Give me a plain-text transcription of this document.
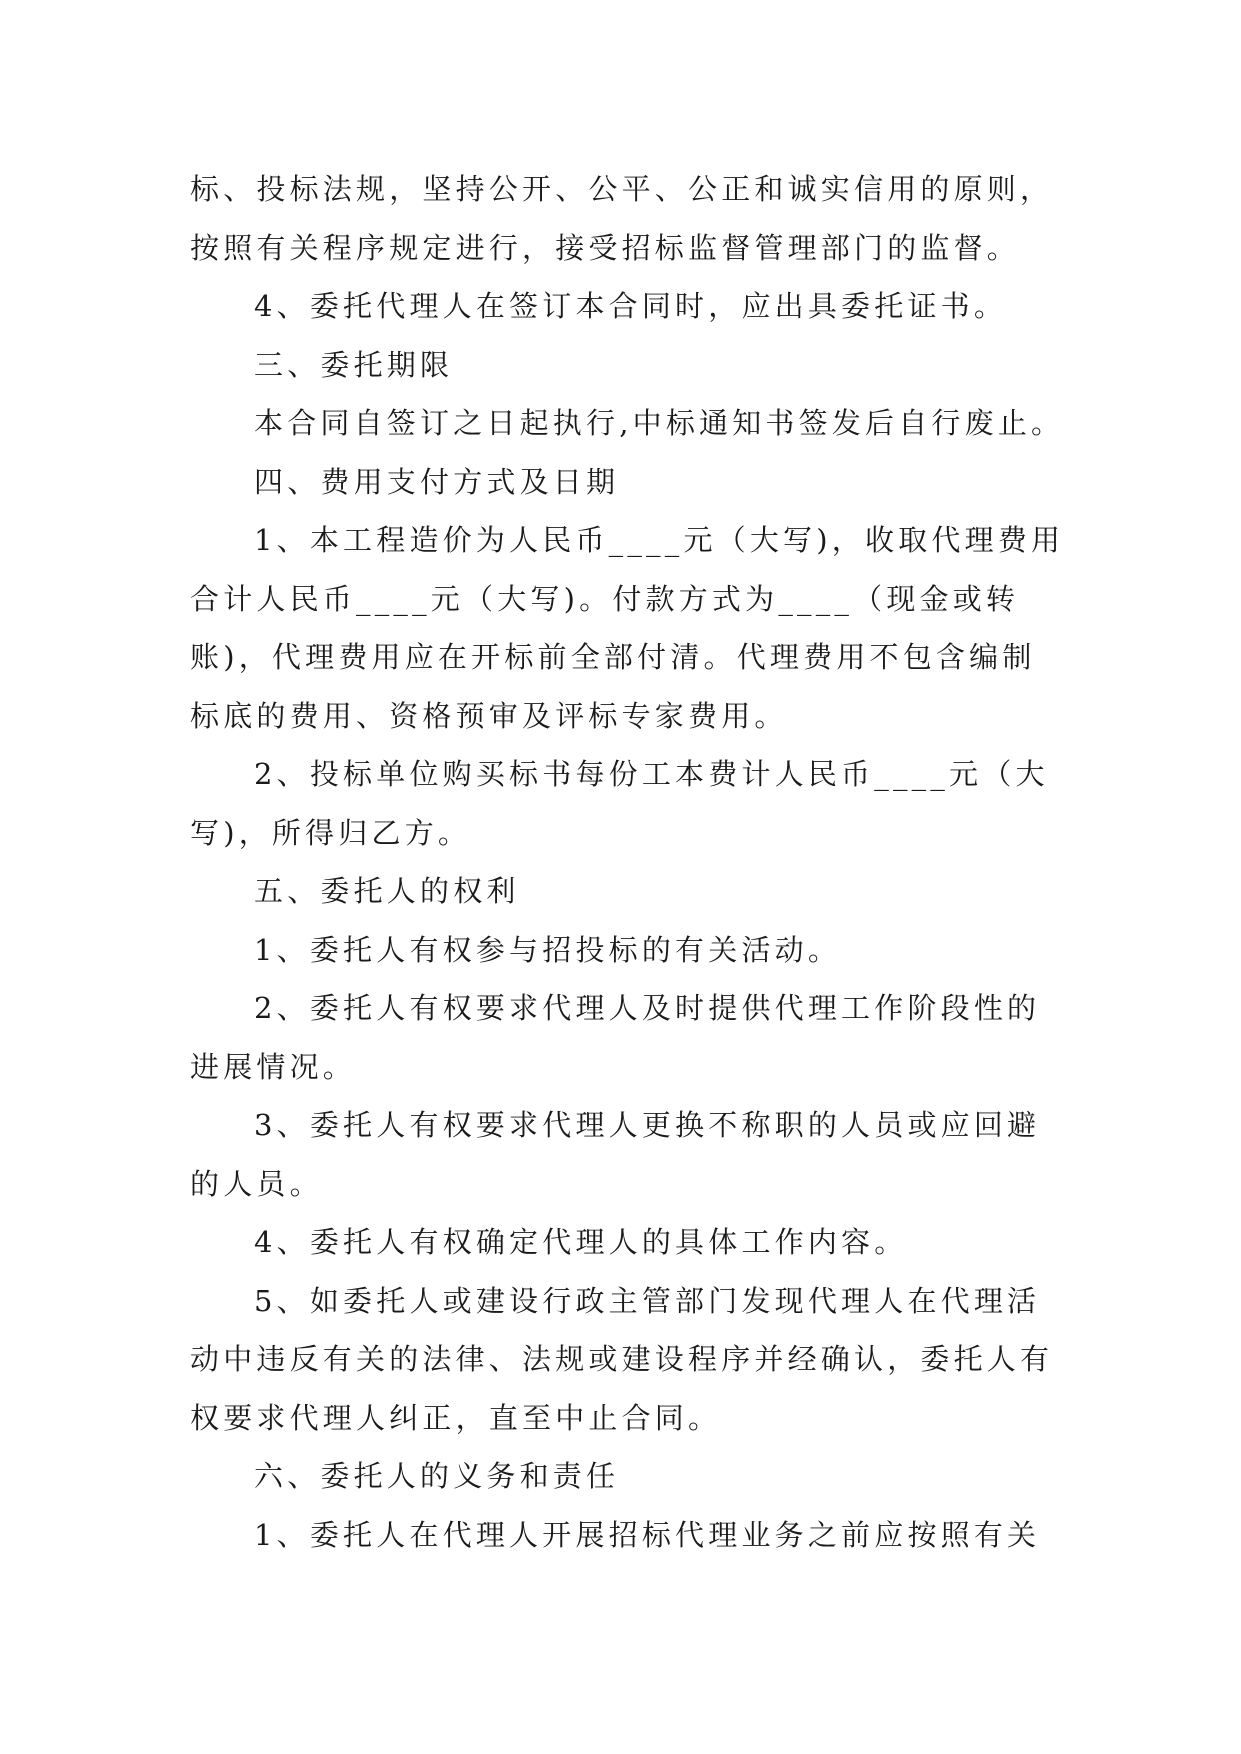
标、投标法规，坚持公开、公平、公正和诚实信用的原则，
按照有关程序规定进行，接受招标监督管理部门的监督。
4、委托代理人在签订本合同时，应出具委托证书。
三、委托期限
本合同自签订之日起执行,中标通知书签发后自行废止。
四、费用支付方式及日期
1、本工程造价为人民币____元（大写)，收取代理费用
合计人民币____元（大写)。付款方式为____（现金或转
账)，代理费用应在开标前全部付清。代理费用不包含编制
标底的费用、资格预审及评标专家费用。
2、投标单位购买标书每份工本费计人民币____元（大
写)，所得归乙方。
五、委托人的权利
1、委托人有权参与招投标的有关活动。
2、委托人有权要求代理人及时提供代理工作阶段性的
进展情况。
3、委托人有权要求代理人更换不称职的人员或应回避
的人员。
4、委托人有权确定代理人的具体工作内容。
5、如委托人或建设行政主管部门发现代理人在代理活
动中违反有关的法律、法规或建设程序并经确认，委托人有
权要求代理人纠正，直至中止合同。
六、委托人的义务和责任
1、委托人在代理人开展招标代理业务之前应按照有关
